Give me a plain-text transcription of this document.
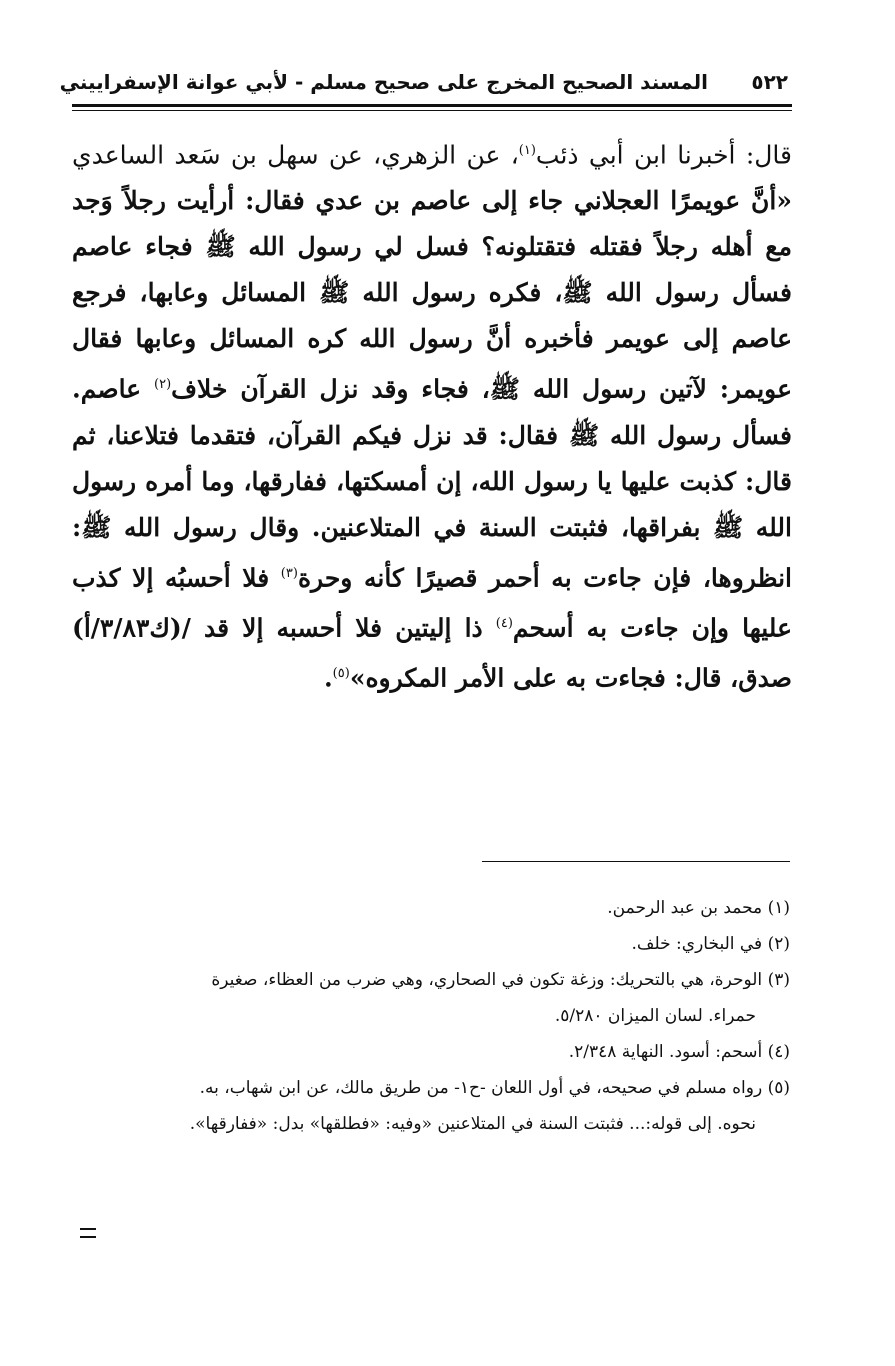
٥٢٢
المسند الصحيح المخرج على صحيح مسلم - لأبي عوانة الإسفراييني

قال: أخبرنا ابن أبي ذئب$^{(١)}$، عن الزهري، عن سهل بن سَعد الساعدي «أنَّ عويمرًا العجلاني جاء إلى عاصم بن عدي فقال: أرأيت رجلاً وَجد مع أهله رجلاً فقتله فتقتلونه؟ فسل لي رسول الله ﷺ فجاء عاصم فسأل رسول الله ﷺ، فكره رسول الله ﷺ المسائل وعابها، فرجع عاصم إلى عويمر فأخبره أنَّ رسول الله كره المسائل وعابها فقال عويمر: لآتين رسول الله ﷺ، فجاء وقد نزل القرآن خلاف$^{(٢)}$ عاصم. فسأل رسول الله ﷺ فقال: قد نزل فيكم القرآن، فتقدما فتلاعنا، ثم قال: كذبت عليها يا رسول الله، إن أمسكتها، ففارقها، وما أمره رسول الله ﷺ بفراقها، فثبتت السنة في المتلاعنين. وقال رسول الله ﷺ: انظروها، فإن جاءت به أحمر قصيرًا كأنه وحرة$^{(٣)}$ فلا أحسبُه إلا كذب عليها وإن جاءت به أسحم$^{(٤)}$ ذا إليتين فلا أحسبه إلا قد /(ك٣/٨٣/أ) صدق، قال: فجاءت به على الأمر المكروه»$^{(٥)}$.

(١) محمد بن عبد الرحمن.

(٢) في البخاري: خلف.

(٣) الوحرة، هي بالتحريك: وزغة تكون في الصحاري، وهي ضرب من العظاء، صغيرة

حمراء. لسان الميزان ٥/٢٨٠.

(٤) أسحم: أسود. النهاية ٢/٣٤٨.

(٥) رواه مسلم في صحيحه، في أول اللعان -ح١- من طريق مالك، عن ابن شهاب، به.

نحوه. إلى قوله:... فثبتت السنة في المتلاعنين «وفيه: «فطلقها» بدل: «ففارقها».
